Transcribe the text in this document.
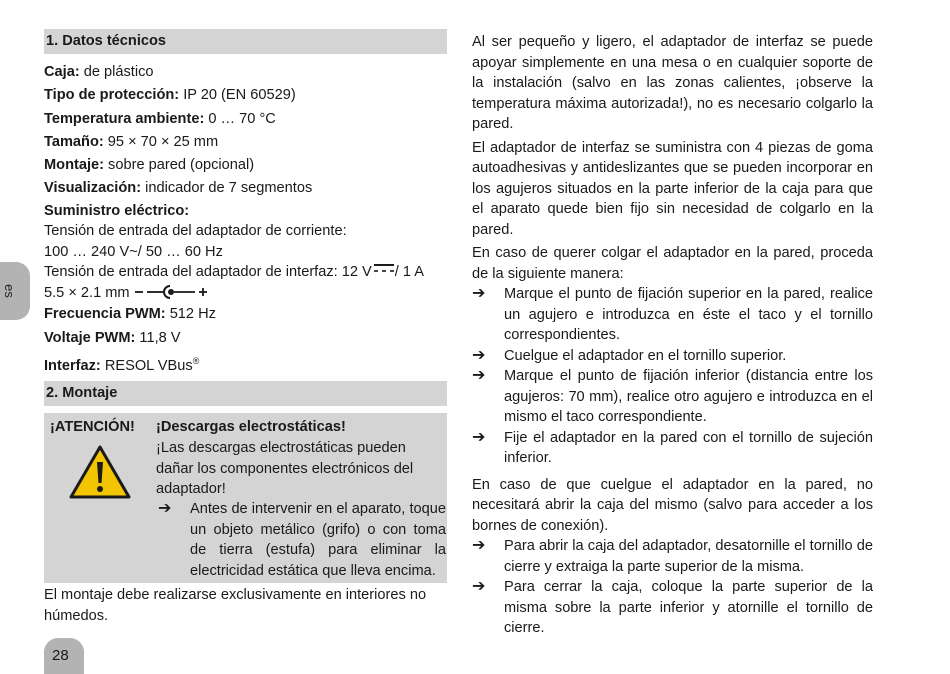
es
1. Datos técnicos
Caja: de plástico
Tipo de protección: IP 20 (EN 60529)
Temperatura ambiente: 0 … 70 °C
Tamaño: 95 × 70 × 25 mm
Montaje: sobre pared (opcional)
Visualización: indicador de 7 segmentos
Suministro eléctrico:
Tensión de entrada del adaptador de corriente:
100 … 240 V~/ 50 … 60 Hz
Tensión de entrada del adaptador de interfaz: 12 V / 1 A
5.5 × 2.1 mm
Frecuencia PWM: 512 Hz
Voltaje PWM: 11,8 V
Interfaz: RESOL VBus®
2. Montaje
¡ATENCIÓN! ¡Descargas electrostáticas!
¡Las descargas electrostáticas pueden dañar los componentes electrónicos del adaptador!
➔ Antes de intervenir en el aparato, toque un objeto metálico (grifo) o con toma de tierra (estufa) para eliminar la electricidad estática que lleva encima.
El montaje debe realizarse exclusivamente en interiores no húmedos.

Al ser pequeño y ligero, el adaptador de interfaz se puede apoyar simplemente en una mesa o en cualquier soporte de la instalación (salvo en las zonas calientes, ¡observe la temperatura máxima autorizada!), no es necesario colgarlo la pared.

El adaptador de interfaz se suministra con 4 piezas de goma autoadhesivas y antideslizantes que se pueden incorporar en los agujeros situados en la parte inferior de la caja para que el aparato quede bien fijo sin necesidad de colgarlo en la pared.

En caso de querer colgar el adaptador en la pared, proceda de la siguiente manera:

➔ Marque el punto de fijación superior en la pared, realice un agujero e introduzca en éste el taco y el tornillo correspondientes.
➔ Cuelgue el adaptador en el tornillo superior.
➔ Marque el punto de fijación inferior (distancia entre los agujeros: 70 mm), realice otro agujero e introduzca en el mismo el taco correspondiente.
➔ Fije el adaptador en la pared con el tornillo de sujeción inferior.

En caso de que cuelgue el adaptador en la pared, no necesitará abrir la caja del mismo (salvo para acceder a los bornes de conexión).

➔ Para abrir la caja del adaptador, desatornille el tornillo de cierre y extraiga la parte superior de la misma.
➔ Para cerrar la caja, coloque la parte superior de la misma sobre la parte inferior y atornille el tornillo de cierre.
28
